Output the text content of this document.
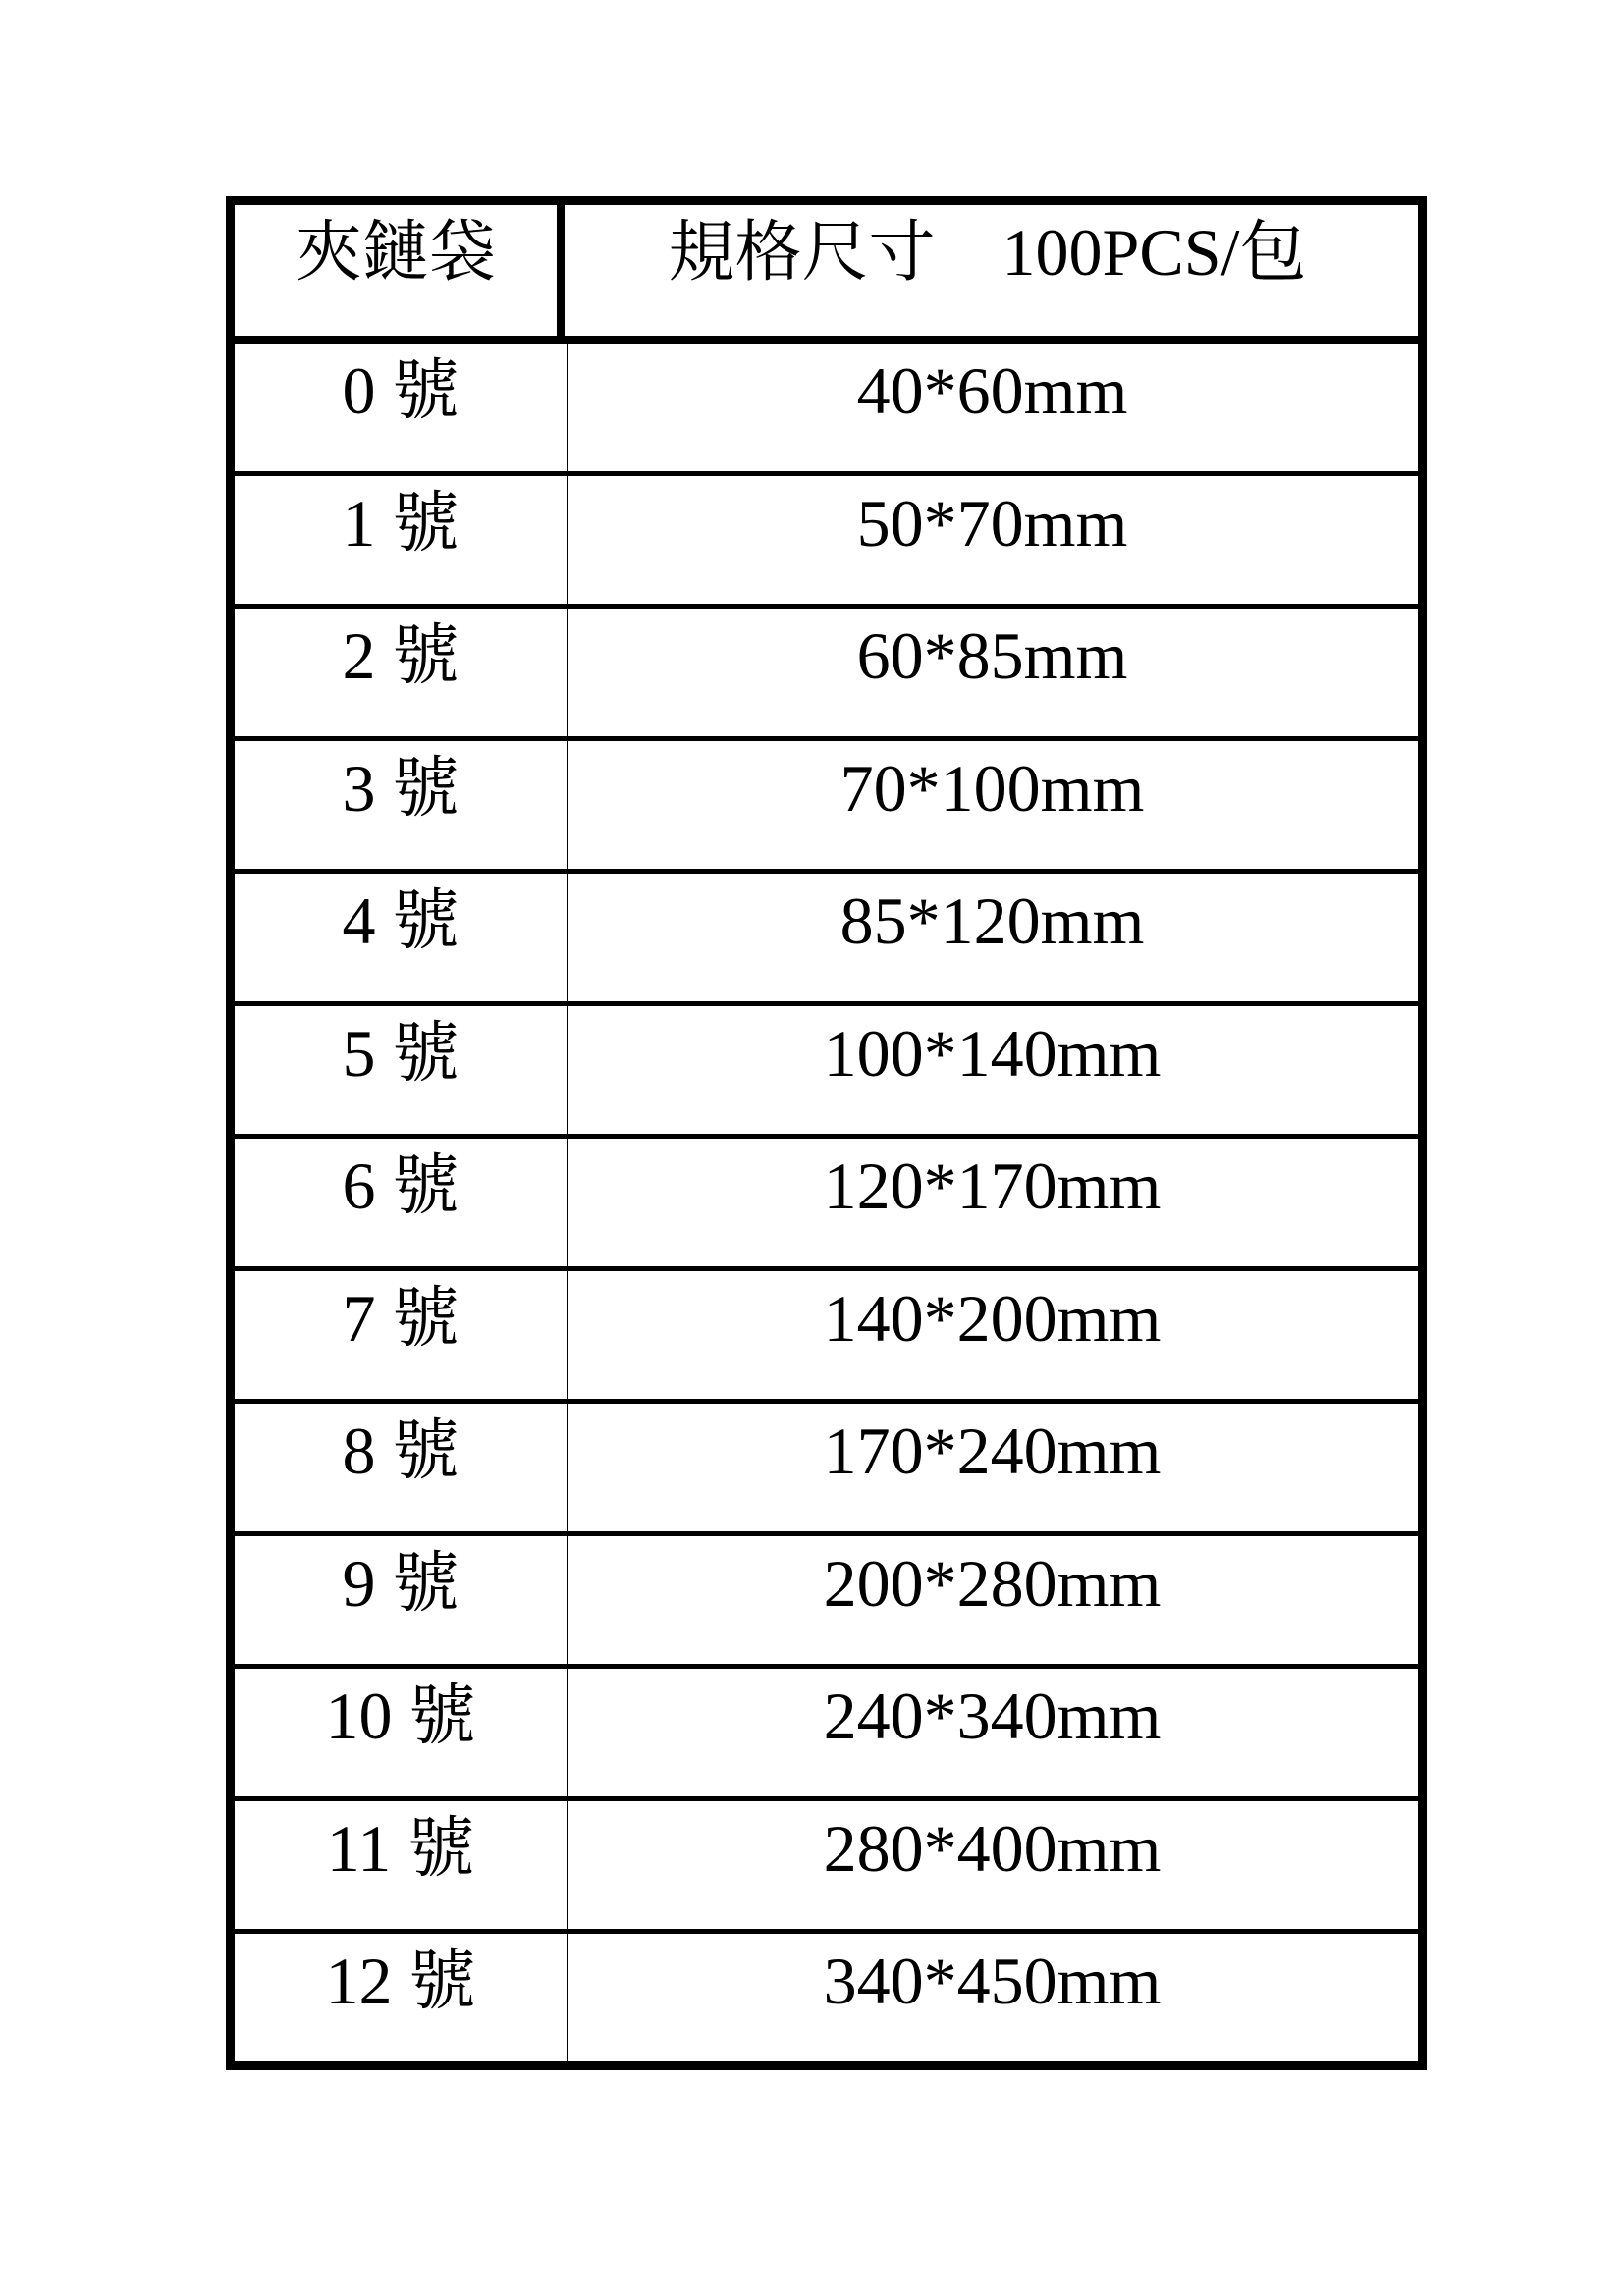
夾鏈袋	規格尺寸　100PCS/包
0 號	40*60mm
1 號	50*70mm
2 號	60*85mm
3 號	70*100mm
4 號	85*120mm
5 號	100*140mm
6 號	120*170mm
7 號	140*200mm
8 號	170*240mm
9 號	200*280mm
10 號	240*340mm
11 號	280*400mm
12 號	340*450mm
